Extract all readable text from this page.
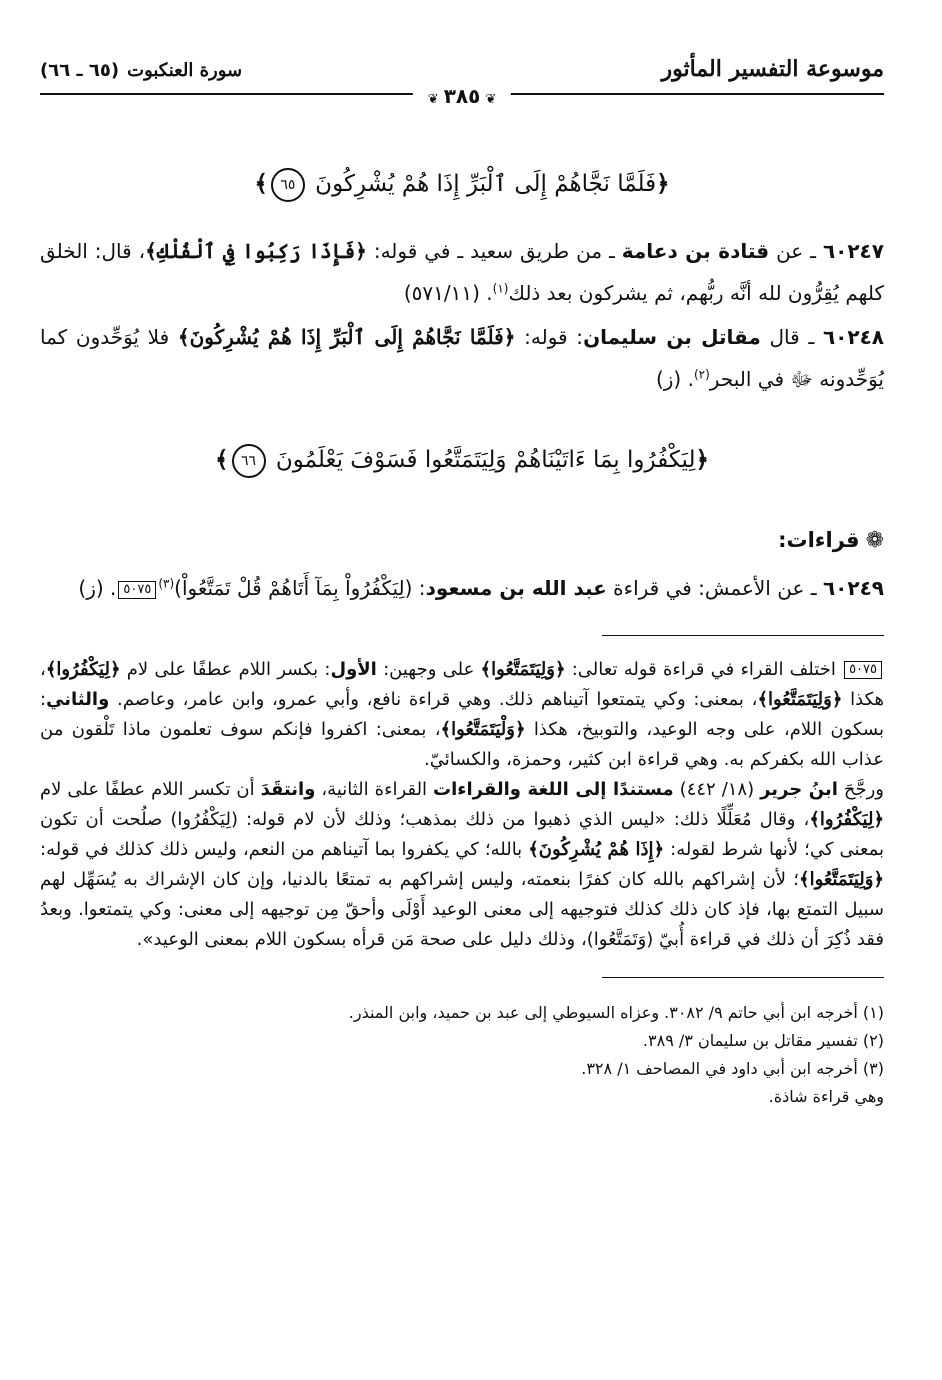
موسوعة التفسير المأثور
سورة العنكبوت(٦٥ ـ ٦٦)
❦٣٨٥❦
﴿فَلَمَّا نَجَّاهُمْ إِلَى ٱلْبَرِّ إِذَا هُمْ يُشْرِكُونَ ٦٥﴾

٦٠٢٤٧ ـ عن قتادة بن دعامة ـ من طريق سعيد ـ في قوله: ﴿فَإِذَا رَكِبُوا فِي ٱلْفُلْكِ﴾، قال: الخلق كلهم يُقِرُّون لله أنَّه ربُّهم، ثم يشركون بعد ذلك$^{(١)}$. (٥٧١/١١)

٦٠٢٤٨ ـ قال مقاتل بن سليمان: قوله: ﴿فَلَمَّا نَجَّاهُمْ إِلَى ٱلْبَرِّ إِذَا هُمْ يُشْرِكُونَ﴾ فلا يُوَحِّدون كما يُوَحِّدونه ﷻ في البحر$^{(٢)}$. (ز)

﴿لِيَكْفُرُوا بِمَا ءَاتَيْنَاهُمْ وَلِيَتَمَتَّعُوا فَسَوْفَ يَعْلَمُونَ ٦٦﴾
❁قراءات:

٦٠٢٤٩ ـ عن الأعمش: في قراءة عبد الله بن مسعود: (لِيَكْفُرُواْ بِمَآ أَتَاهُمْ قُلْ تَمَتَّعُواْ)$^{(٣)}$٥٠٧٥. (ز)

٥٠٧٥ اختلف القراء في قراءة قوله تعالى: ﴿وَلِيَتَمَتَّعُوا﴾ على وجهين: الأول: بكسر اللام عطفًا على لام ﴿لِيَكْفُرُوا﴾، هكذا ﴿وَلِيَتَمَتَّعُوا﴾، بمعنى: وكي يتمتعوا آتيناهم ذلك. وهي قراءة نافع، وأبي عمرو، وابن عامر، وعاصم. والثاني: بسكون اللام، على وجه الوعيد، والتوبيخ، هكذا ﴿وَلْيَتَمَتَّعُوا﴾، بمعنى: اكفروا فإنكم سوف تعلمون ماذا تَلْقون من عذاب الله بكفركم به. وهي قراءة ابن كثير، وحمزة، والكسائيّ.

ورجَّحَ ابنُ جرير (١٨/ ٤٤٢) مستندًا إلى اللغة والقراءات القراءة الثانية، وانتقَدَ أن تكسر اللام عطفًا على لام ﴿لِيَكْفُرُوا﴾، وقال مُعَلِّلًا ذلك: «ليس الذي ذهبوا من ذلك بمذهب؛ وذلك لأن لام قوله: (لِيَكْفُرُوا) صلُحت أن تكون بمعنى كي؛ لأنها شرط لقوله: ﴿إِذَا هُمْ يُشْرِكُونَ﴾ بالله؛ كي يكفروا بما آتيناهم من النعم، وليس ذلك كذلك في قوله: ﴿وَلِيَتَمَتَّعُوا﴾؛ لأن إشراكهم بالله كان كفرًا بنعمته، وليس إشراكهم به تمتعًا بالدنيا، وإن كان الإشراك به يُسَهِّل لهم سبيل التمتع بها، فإذ كان ذلك كذلك فتوجيهه إلى معنى الوعيد أَوْلَى وأحقّ مِن توجيهه إلى معنى: وكي يتمتعوا. وبعدُ فقد ذُكِرَ أن ذلك في قراءة أُبيّ (وَتَمَتَّعُوا)، وذلك دليل على صحة مَن قرأه بسكون اللام بمعنى الوعيد».

(١) أخرجه ابن أبي حاتم ٩/ ٣٠٨٢. وعزاه السيوطي إلى عبد بن حميد، وابن المنذر.

(٢) تفسير مقاتل بن سليمان ٣/ ٣٨٩.

(٣) أخرجه ابن أبي داود في المصاحف ١/ ٣٢٨.

وهي قراءة شاذة.
